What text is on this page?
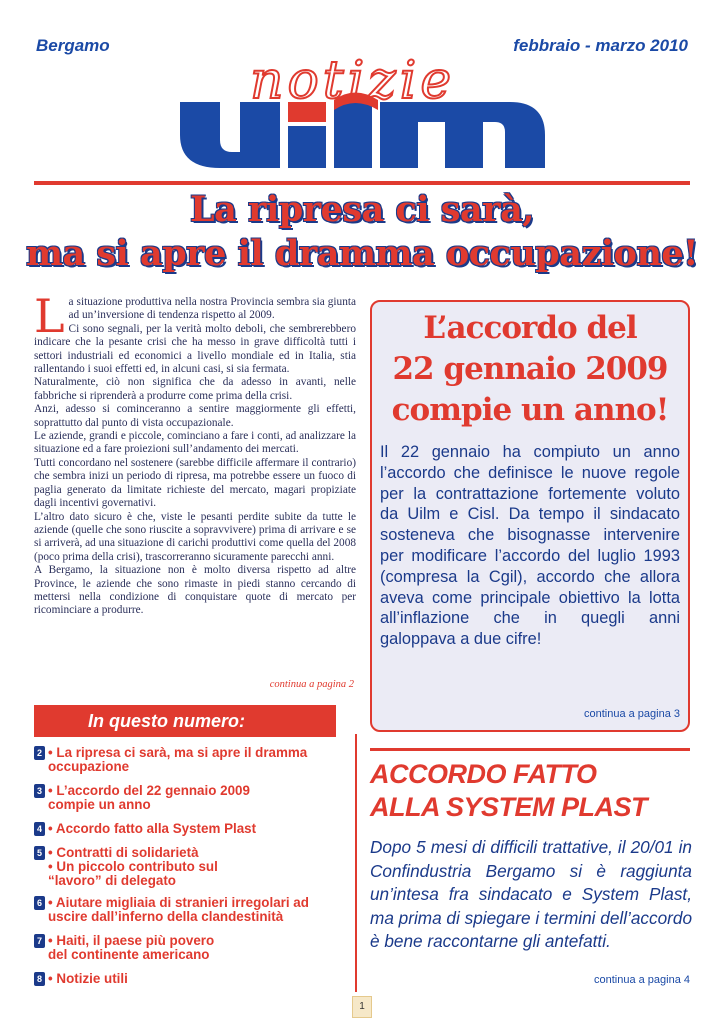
Bergamo	febbraio - marzo 2010
notizie
La ripresa ci sarà,
ma si apre il dramma occupazione!
L a situazione produttiva nella nostra Provincia sembra sia giunta ad un’inversione di tendenza rispetto al 2009.

Ci sono segnali, per la verità molto deboli, che sembrerebbero indicare che la pesante crisi che ha messo in grave difficoltà tutti i settori industriali ed economici a livello mondiale ed in Italia, stia rallentando i suoi effetti ed, in alcuni casi, si sia fermata.

Naturalmente, ciò non significa che da adesso in avanti, nelle fabbriche si riprenderà a produrre come prima della crisi.

Anzi, adesso si cominceranno a sentire maggiormente gli effetti, soprattutto dal punto di vista occupazionale.

Le aziende, grandi e piccole, cominciano a fare i conti, ad analizzare la situazione ed a fare proiezioni sull’andamento dei mercati.

Tutti concordano nel sostenere (sarebbe difficile affermare il contrario) che sembra inizi un periodo di ripresa, ma potrebbe essere un fuoco di paglia generato da limitate richieste del mercato, magari propiziate dagli incentivi governativi.

L’altro dato sicuro è che, viste le pesanti perdite subite da tutte le aziende (quelle che sono riuscite a sopravvivere) prima di arrivare e se si arriverà, ad una situazione di carichi produttivi come quella del 2008 (poco prima della crisi), trascorreranno sicuramente parecchi anni.

A Bergamo, la situazione non è molto diversa rispetto ad altre Province, le aziende che sono rimaste in piedi stanno cercando di mettersi nella condizione di conquistare quote di mercato per ricominciare a produrre.

continua a pagina 2
L’accordo del
22 gennaio 2009
compie un anno!
Il 22 gennaio ha compiuto un anno l’accordo che definisce le nuove regole per la contrattazione fortemente voluto da Uilm e Cisl. Da tempo il sindacato sosteneva che bisognasse intervenire per modificare l’accordo del luglio 1993 (compresa la Cgil), accordo che allora aveva come principale obiettivo la lotta all’inflazione che in quegli anni galoppava a due cifre!
continua a pagina 3
In questo numero:
2 • La ripresa ci sarà, ma si apre il dramma
occupazione
3 • L’accordo del 22 gennaio 2009
compie un anno
4 • Accordo fatto alla System Plast
5 • Contratti di solidarietà
• Un piccolo contributo sul
“lavoro” di delegato
6 • Aiutare migliaia di stranieri irregolari ad
uscire dall’inferno della clandestinità
7 • Haiti, il paese più povero
del continente americano
8 • Notizie utili
ACCORDO FATTO
ALLA SYSTEM PLAST
Dopo 5 mesi di difficili trattative, il 20/01 in Confindustria Bergamo si è raggiunta un’intesa fra sindacato e System Plast, ma prima di spiegare i termini dell’accordo è bene raccontarne gli antefatti.
continua a pagina 4
1
